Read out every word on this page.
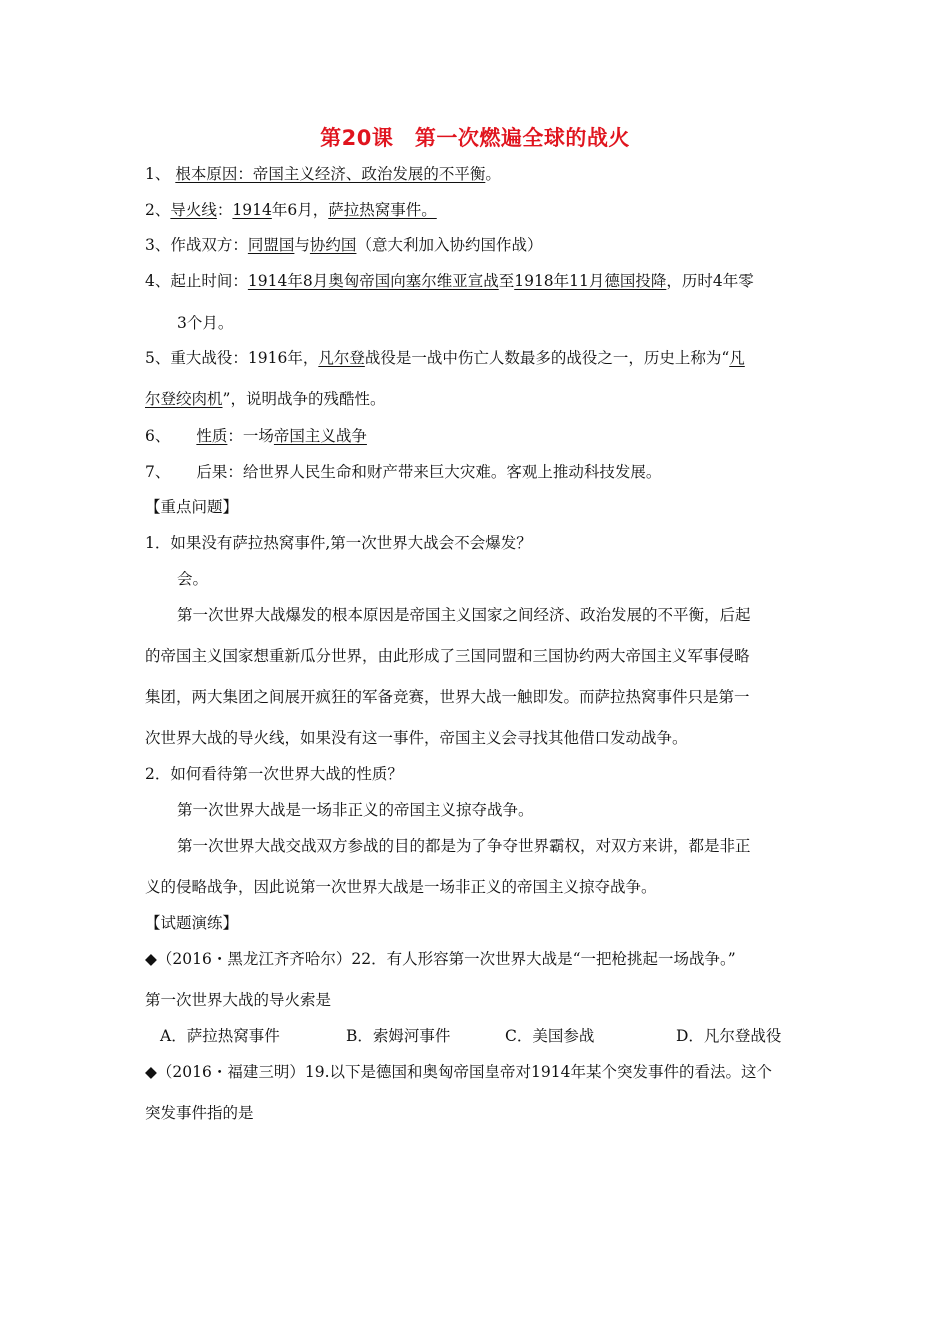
第20课　第一次燃遍全球的战火
1、 根本原因：帝国主义经济、政治发展的不平衡。
2、导火线：1914年6月，萨拉热窝事件。
3、作战双方：同盟国与协约国（意大利加入协约国作战）
4、起止时间：1914年8月奥匈帝国向塞尔维亚宣战至1918年11月德国投降，历时4年零
3个月。
5、重大战役：1916年，凡尔登战役是一战中伤亡人数最多的战役之一，历史上称为“凡
尔登绞肉机”，说明战争的残酷性。
6、 性质：一场帝国主义战争
7、 后果：给世界人民生命和财产带来巨大灾难。客观上推动科技发展。
【重点问题】
1．如果没有萨拉热窝事件,第一次世界大战会不会爆发？
会。
第一次世界大战爆发的根本原因是帝国主义国家之间经济、政治发展的不平衡，后起
的帝国主义国家想重新瓜分世界，由此形成了三国同盟和三国协约两大帝国主义军事侵略
集团，两大集团之间展开疯狂的军备竞赛，世界大战一触即发。而萨拉热窝事件只是第一
次世界大战的导火线，如果没有这一事件，帝国主义会寻找其他借口发动战争。
2．如何看待第一次世界大战的性质？
第一次世界大战是一场非正义的帝国主义掠夺战争。
第一次世界大战交战双方参战的目的都是为了争夺世界霸权，对双方来讲，都是非正
义的侵略战争，因此说第一次世界大战是一场非正义的帝国主义掠夺战争。
【试题演练】
◆（2016・黑龙江齐齐哈尔）22．有人形容第一次世界大战是“一把枪挑起一场战争。”
第一次世界大战的导火索是
A．萨拉热窝事件	B．索姆河事件	C．美国参战	D．凡尔登战役
◆（2016・福建三明）19.以下是德国和奥匈帝国皇帝对1914年某个突发事件的看法。这个
突发事件指的是
